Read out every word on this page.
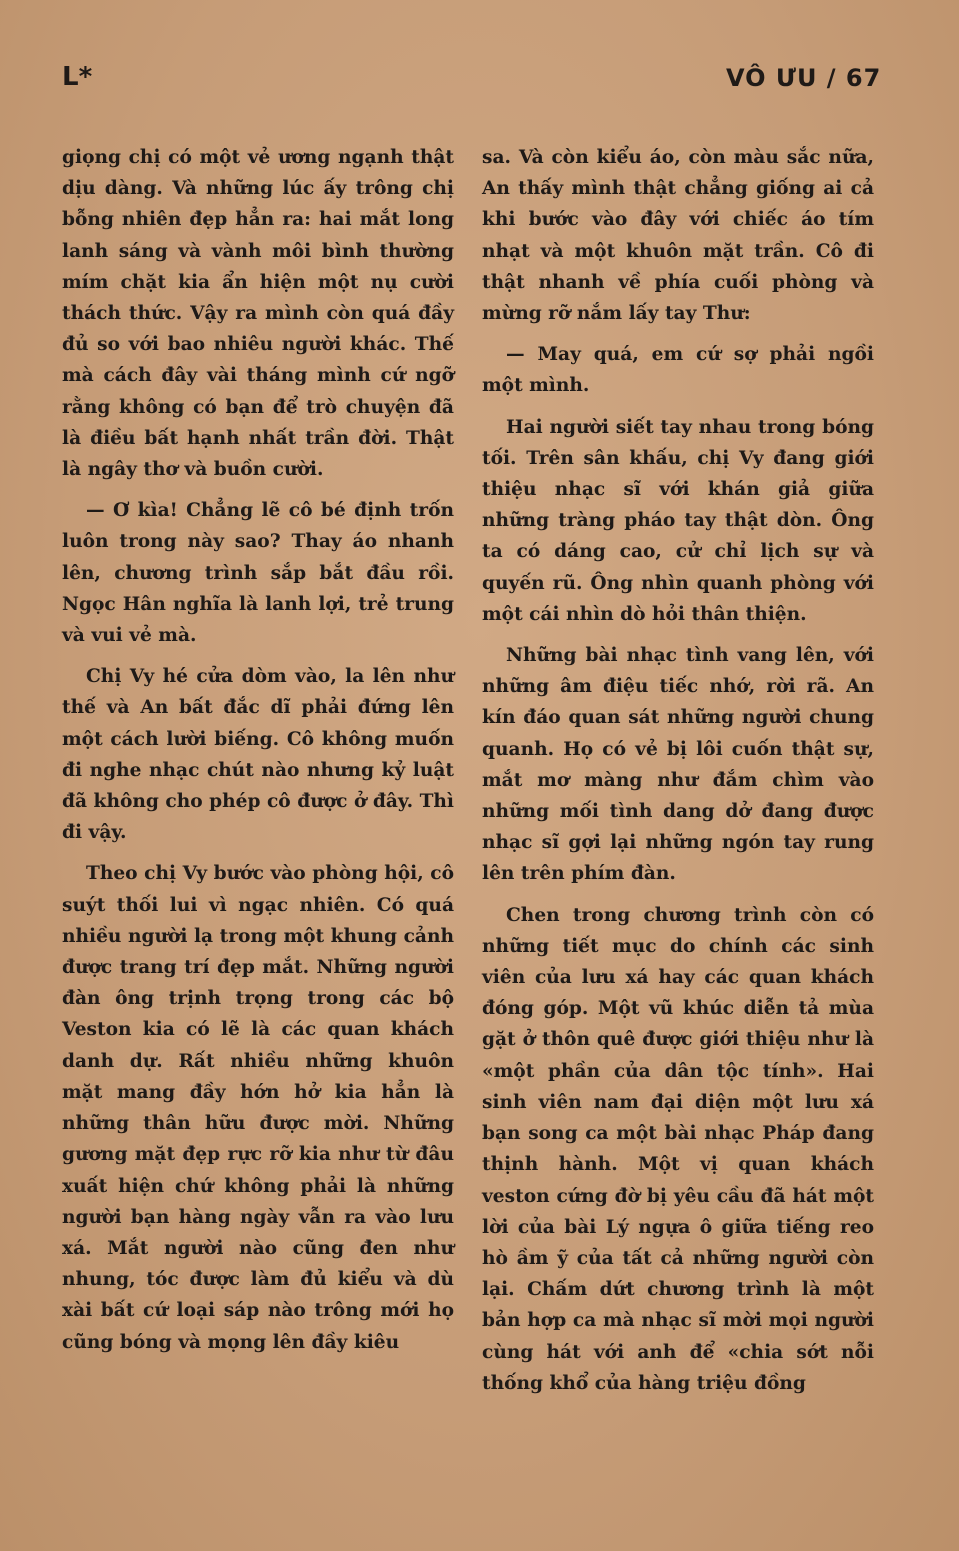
L*	VÔ ƯU / 67

giọng chị có một vẻ ương ngạnh thật dịu dàng. Và những lúc ấy trông chị bỗng nhiên đẹp hẳn ra: hai mắt long lanh sáng và vành môi bình thường mím chặt kia ẩn hiện một nụ cười thách thức. Vậy ra mình còn quá đầy đủ so với bao nhiêu người khác. Thế mà cách đây vài tháng mình cứ ngỡ rằng không có bạn để trò chuyện đã là điều bất hạnh nhất trần đời. Thật là ngây thơ và buồn cười.

— Ơ kìa! Chẳng lẽ cô bé định trốn luôn trong này sao? Thay áo nhanh lên, chương trình sắp bắt đầu rồi. Ngọc Hân nghĩa là lanh lợi, trẻ trung và vui vẻ mà.

Chị Vy hé cửa dòm vào, la lên như thế và An bất đắc dĩ phải đứng lên một cách lười biếng. Cô không muốn đi nghe nhạc chút nào nhưng kỷ luật đã không cho phép cô được ở đây. Thì đi vậy.

Theo chị Vy bước vào phòng hội, cô suýt thối lui vì ngạc nhiên. Có quá nhiều người lạ trong một khung cảnh được trang trí đẹp mắt. Những người đàn ông trịnh trọng trong các bộ Veston kia có lẽ là các quan khách danh dự. Rất nhiều những khuôn mặt mang đầy hớn hở kia hẳn là những thân hữu được mời. Những gương mặt đẹp rực rỡ kia như từ đâu xuất hiện chứ không phải là những người bạn hàng ngày vẫn ra vào lưu xá. Mắt người nào cũng đen như nhung, tóc được làm đủ kiểu và dù xài bất cứ loại sáp nào trông mới họ cũng bóng và mọng lên đầy kiêu

sa. Và còn kiểu áo, còn màu sắc nữa, An thấy mình thật chẳng giống ai cả khi bước vào đây với chiếc áo tím nhạt và một khuôn mặt trần. Cô đi thật nhanh về phía cuối phòng và mừng rỡ nắm lấy tay Thư:

— May quá, em cứ sợ phải ngồi một mình.

Hai người siết tay nhau trong bóng tối. Trên sân khấu, chị Vy đang giới thiệu nhạc sĩ với khán giả giữa những tràng pháo tay thật dòn. Ông ta có dáng cao, cử chỉ lịch sự và quyến rũ. Ông nhìn quanh phòng với một cái nhìn dò hỏi thân thiện.

Những bài nhạc tình vang lên, với những âm điệu tiếc nhớ, rời rã. An kín đáo quan sát những người chung quanh. Họ có vẻ bị lôi cuốn thật sự, mắt mơ màng như đắm chìm vào những mối tình dang dở đang được nhạc sĩ gợi lại những ngón tay rung lên trên phím đàn.

Chen trong chương trình còn có những tiết mục do chính các sinh viên của lưu xá hay các quan khách đóng góp. Một vũ khúc diễn tả mùa gặt ở thôn quê được giới thiệu như là «một phần của dân tộc tính». Hai sinh viên nam đại diện một lưu xá bạn song ca một bài nhạc Pháp đang thịnh hành. Một vị quan khách veston cứng đờ bị yêu cầu đã hát một lời của bài Lý ngựa ô giữa tiếng reo hò ầm ỹ của tất cả những người còn lại. Chấm dứt chương trình là một bản hợp ca mà nhạc sĩ mời mọi người cùng hát với anh để «chia sớt nỗi thống khổ của hàng triệu đồng
